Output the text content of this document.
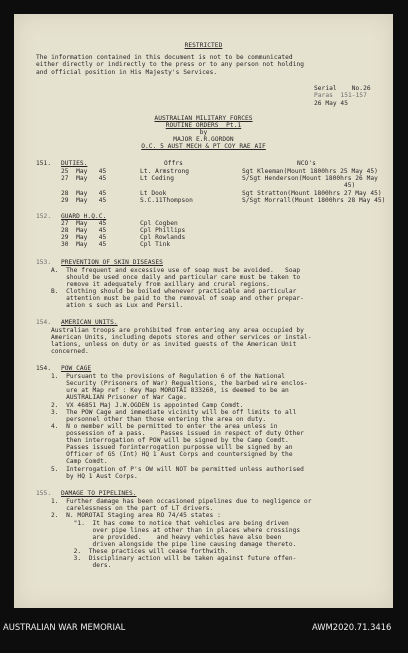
RESTRICTED
The information contained in this document is not to be communicated
either directly or indirectly to the press or to any person not holding
and official position in His Majesty's Services.
Serial    No.26
Paras  151-157
26 May 45
AUSTRALIAN MILITARY FORCES
ROUTINE ORDERS  Pt.1
by
MAJOR E.R.GORDON
O.C. 5 AUST MECH & PT COY RAE AIF
151. DUTIES.	Offrs	NCO's
25  May   45	Lt. Armstrong	Sgt Kleeman(Mount 1800hrs 25 May 45)
27  May   45	Lt Ceding	S/Sgt Henderson(Mount 1800hrs 26 May
45)
28  May   45	Lt Dook	Sgt Stratton(Mount 1800hrs 27 May 45)
29  May   45	S.C.11Thompson	S/Sgt Morrall(Mount 1800hrs 28 May 45)
152. GUARD H.Q.C.
27  May   45	Cpl Cogben
28  May   45	Cpl Phillips
29  May   45	Cpl Rowlands
30  May   45	Cpl Tink
153. PREVENTION OF SKIN DISEASES
A.  The frequent and excessive use of soap must be avoided.   Soap
should be used once daily and particular care must be taken to
remove it adequately from axillary and crural regions.
B.  Clothing should be boiled whenever practicable and particular
attention must be paid to the removal of soap and other prepar-
ation s such as Lux and Persil.
154. AMERICAN UNITS.
Australian troops are prohibited from entering any area occupied by
American Units, including depots stores and other services or instal-
lations, unless on duty or as invited guests of the American Unit
concerned.
154. POW CAGE
1.  Pursuant to the provisions of Regulation 6 of the National
Security (Prisoners of War) Regualtions, the barbed wire enclos-
ure at Map ref : Key Map MOROTAI 833260, is deemed to be an
AUSTRALIAN Prisoner of War Cage.
2.  VX 46851 Maj J.W.OGDEN is appointed Camp Comdt.
3.  The POW Cage and immediate vicinity will be off limits to all
personnel other than those entering the area on duty.
4.  N o member will be permitted to enter the area unless in
possession of a pass.    Passes issued in respect of duty Other
then interrogation of POW will be signed by the Camp Comdt.
Passes issued forinterrogation purposse will be signed by an
Officer of GS (Int) HQ 1 Aust Corps and countersigned by the
Camp Comdt.
5.  Interrogation of P's OW will NOT be permitted unless authorised
by HQ 1 Aust Corps.
155. DAMAGE TO PIPELINES.
1.  Further damage has been occasioned pipelines due to negligence or
carelessness on the part of LT drivers.
2.  N. MOROTAI Staging area RO 74/45 states :
"1.  It has come to notice that vehicles are being driven
over pipe lines at other than in places where crossings
are provided.    and heavy vehicles have also been
driven alongside the pipe line causing damage thereto.
2.  These practices will cease forthwith.
3.  Disciplinary action will be taken against future offen-
ders.
AUSTRALIAN WAR MEMORIAL	AWM2020.71.3416
